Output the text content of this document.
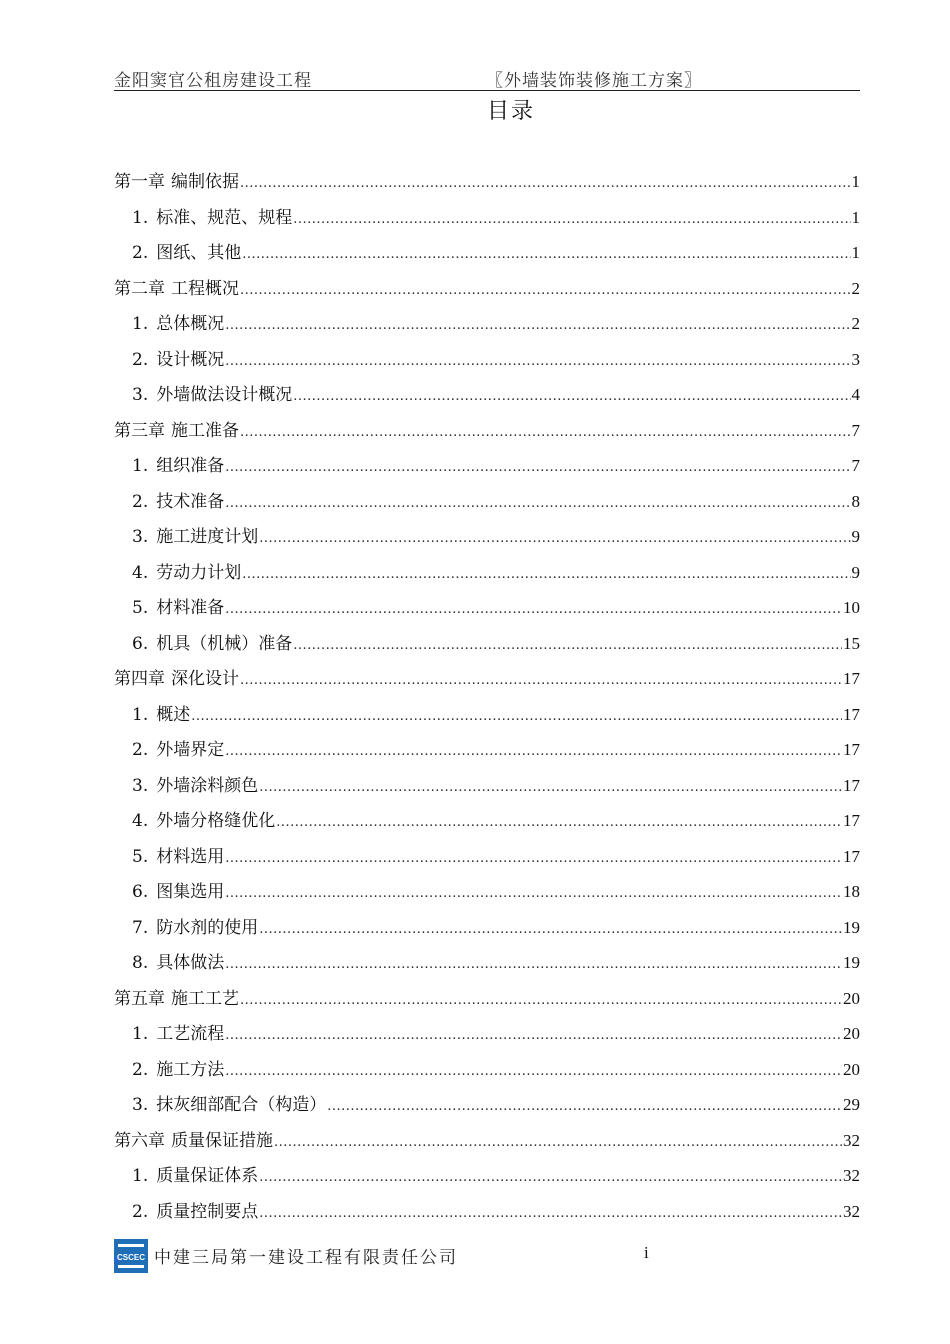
金阳窦官公租房建设工程	〖外墙装饰装修施工方案〗
目录
第一章 编制依据 .....	1
1. 标准、规范、规程 .....	1
2. 图纸、其他 .....	1
第二章 工程概况 .....	2
1. 总体概况 .....	2
2. 设计概况 .....	3
3. 外墙做法设计概况 .....	4
第三章 施工准备 .....	7
1. 组织准备 .....	7
2. 技术准备 .....	8
3. 施工进度计划 .....	9
4. 劳动力计划 .....	9
5. 材料准备 .....	10
6. 机具（机械）准备 .....	15
第四章 深化设计 .....	17
1. 概述 .....	17
2. 外墙界定 .....	17
3. 外墙涂料颜色 .....	17
4. 外墙分格缝优化 .....	17
5. 材料选用 .....	17
6. 图集选用 .....	18
7. 防水剂的使用 .....	19
8. 具体做法 .....	19
第五章 施工工艺 .....	20
1. 工艺流程 .....	20
2. 施工方法 .....	20
3. 抹灰细部配合（构造） .....	29
第六章 质量保证措施 .....	32
1. 质量保证体系 .....	32
2. 质量控制要点 .....	32
CSCEC 中建三局第一建设工程有限责任公司	i
